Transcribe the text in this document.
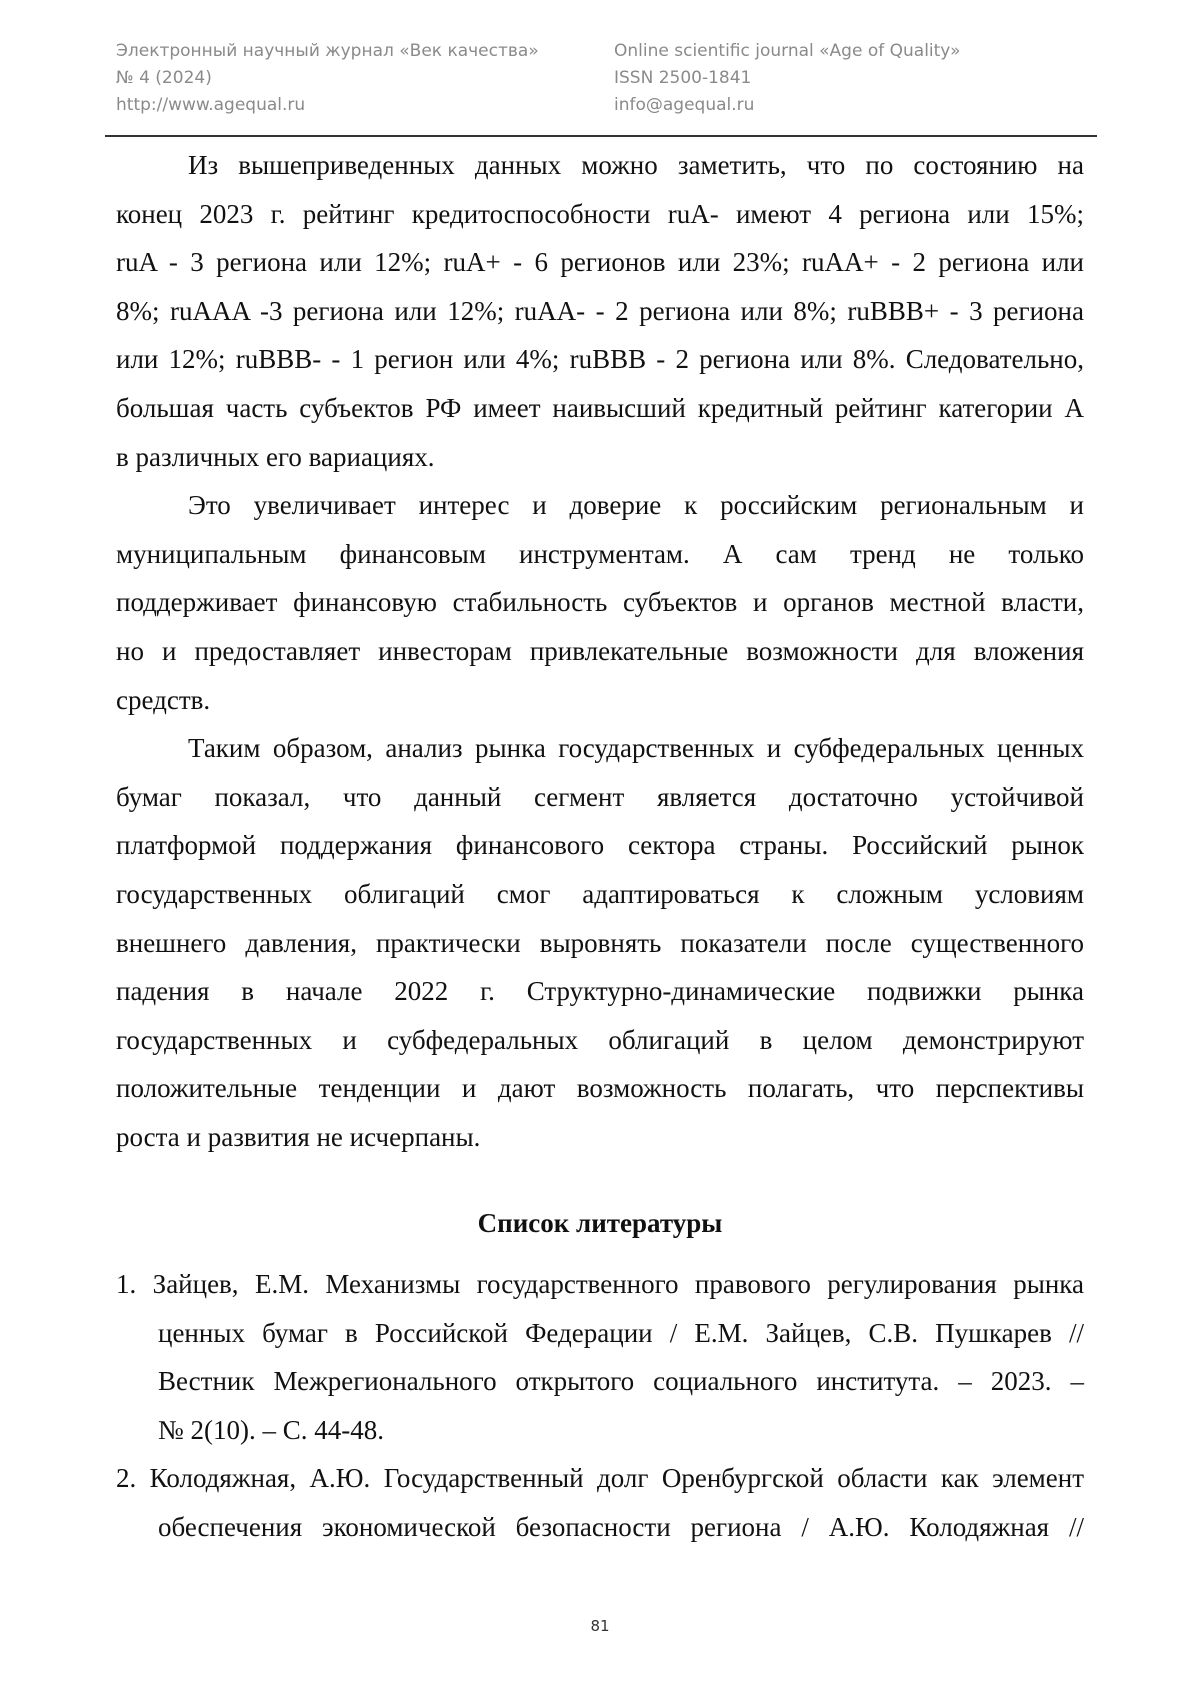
Электронный научный журнал «Век качества»
№ 4 (2024)
http://www.agequal.ru
Online scientific journal «Age of Quality»
ISSN 2500-1841
info@agequal.ru
Из вышеприведенных данных можно заметить, что по состоянию на
конец 2023 г. рейтинг кредитоспособности ruA- имеют 4 региона или 15%;
ruA - 3 региона или 12%; ruA+ - 6 регионов или 23%; ruAA+ - 2 региона или
8%; ruAAA -3 региона или 12%; ruAA- - 2 региона или 8%; ruBBB+ - 3 региона
или 12%; ruBBB- - 1 регион или 4%; ruBBB - 2 региона или 8%. Следовательно,
большая часть субъектов РФ имеет наивысший кредитный рейтинг категории А
в различных его вариациях.
Это увеличивает интерес и доверие к российским региональным и
муниципальным финансовым инструментам. А сам тренд не только
поддерживает финансовую стабильность субъектов и органов местной власти,
но и предоставляет инвесторам привлекательные возможности для вложения
средств.
Таким образом, анализ рынка государственных и субфедеральных ценных
бумаг показал, что данный сегмент является достаточно устойчивой
платформой поддержания финансового сектора страны. Российский рынок
государственных облигаций смог адаптироваться к сложным условиям
внешнего давления, практически выровнять показатели после существенного
падения в начале 2022 г. Структурно-динамические подвижки рынка
государственных и субфедеральных облигаций в целом демонстрируют
положительные тенденции и дают возможность полагать, что перспективы
роста и развития не исчерпаны.
Список литературы
1. Зайцев, Е.М. Механизмы государственного правового регулирования рынка
ценных бумаг в Российской Федерации / Е.М. Зайцев, С.В. Пушкарев //
Вестник Межрегионального открытого социального института. – 2023. –
№ 2(10). – С. 44-48.
2. Колодяжная, А.Ю. Государственный долг Оренбургской области как элемент
обеспечения экономической безопасности региона / А.Ю. Колодяжная //
81
